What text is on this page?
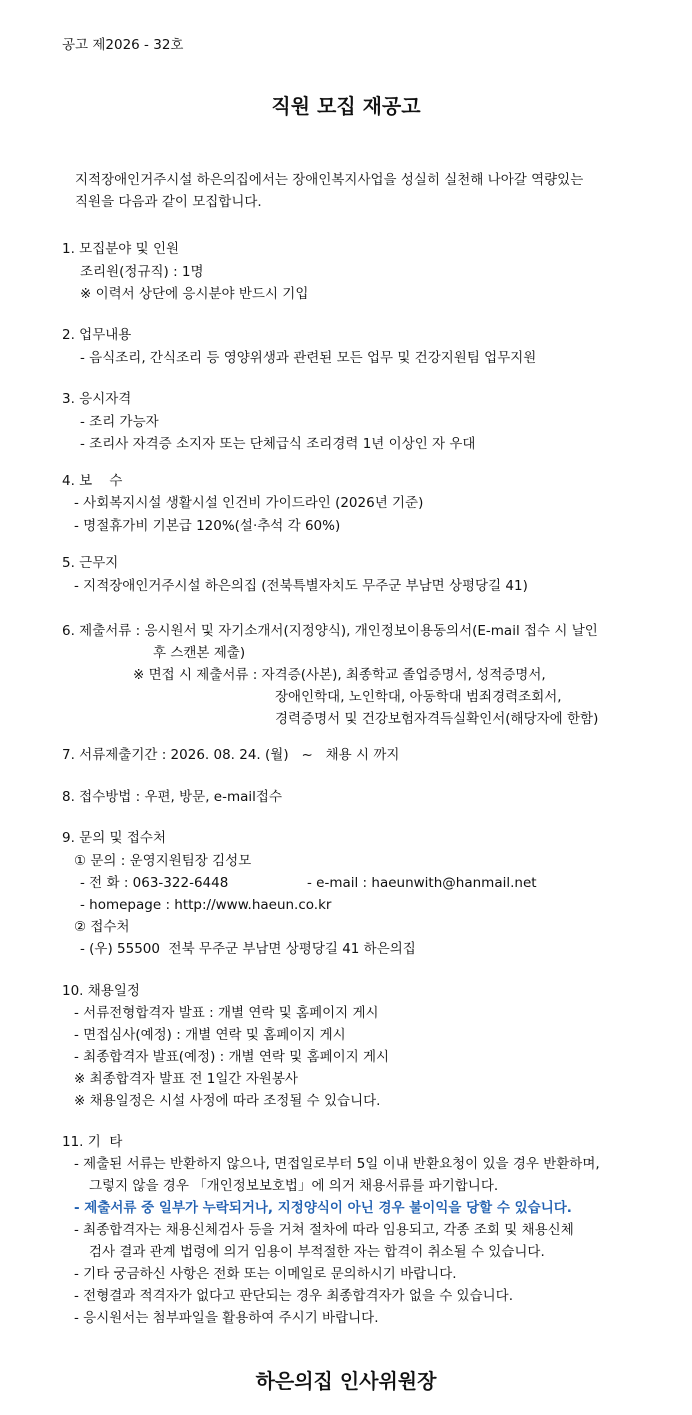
공고 제2026 - 32호
직원 모집 재공고
지적장애인거주시설 하은의집에서는 장애인복지사업을 성실히 실천해 나아갈 역량있는
직원을 다음과 같이 모집합니다.
1. 모집분야 및 인원
조리원(정규직) : 1명
※ 이력서 상단에 응시분야 반드시 기입
2. 업무내용
- 음식조리, 간식조리 등 영양위생과 관련된 모든 업무 및 건강지원팀 업무지원
3. 응시자격
- 조리 가능자
- 조리사 자격증 소지자 또는 단체급식 조리경력 1년 이상인 자 우대
4. 보    수
- 사회복지시설 생활시설 인건비 가이드라인 (2026년 기준)
- 명절휴가비 기본급 120%(설·추석 각 60%)
5. 근무지
- 지적장애인거주시설 하은의집 (전북특별자치도 무주군 부남면 상평당길 41)
6. 제출서류 : 응시원서 및 자기소개서(지정양식), 개인정보이용동의서(E-mail 접수 시 날인
후 스캔본 제출)
※ 면접 시 제출서류 : 자격증(사본), 최종학교 졸업증명서, 성적증명서,
장애인학대, 노인학대, 아동학대 범죄경력조회서,
경력증명서 및 건강보험자격득실확인서(해당자에 한함)
7. 서류제출기간 : 2026. 08. 24. (월)   ~   채용 시 까지
8. 접수방법 : 우편, 방문, e-mail접수
9. 문의 및 접수처
① 문의 : 운영지원팀장 김성모
- 전 화 : 063-322-6448	- e-mail : haeunwith@hanmail.net
- homepage : http://www.haeun.co.kr
② 접수처
- (우) 55500  전북 무주군 부남면 상평당길 41 하은의집
10. 채용일정
- 서류전형합격자 발표 : 개별 연락 및 홈페이지 게시
- 면접심사(예정) : 개별 연락 및 홈페이지 게시
- 최종합격자 발표(예정) : 개별 연락 및 홈페이지 게시
※ 최종합격자 발표 전 1일간 자원봉사
※ 채용일정은 시설 사정에 따라 조정될 수 있습니다.
11. 기  타
- 제출된 서류는 반환하지 않으나, 면접일로부터 5일 이내 반환요청이 있을 경우 반환하며,
그렇지 않을 경우 「개인정보보호법」에 의거 채용서류를 파기합니다.
- 제출서류 중 일부가 누락되거나, 지정양식이 아닌 경우 불이익을 당할 수 있습니다.
- 최종합격자는 채용신체검사 등을 거쳐 절차에 따라 임용되고, 각종 조회 및 채용신체
검사 결과 관계 법령에 의거 임용이 부적절한 자는 합격이 취소될 수 있습니다.
- 기타 궁금하신 사항은 전화 또는 이메일로 문의하시기 바랍니다.
- 전형결과 적격자가 없다고 판단되는 경우 최종합격자가 없을 수 있습니다.
- 응시원서는 첨부파일을 활용하여 주시기 바랍니다.
하은의집 인사위원장
